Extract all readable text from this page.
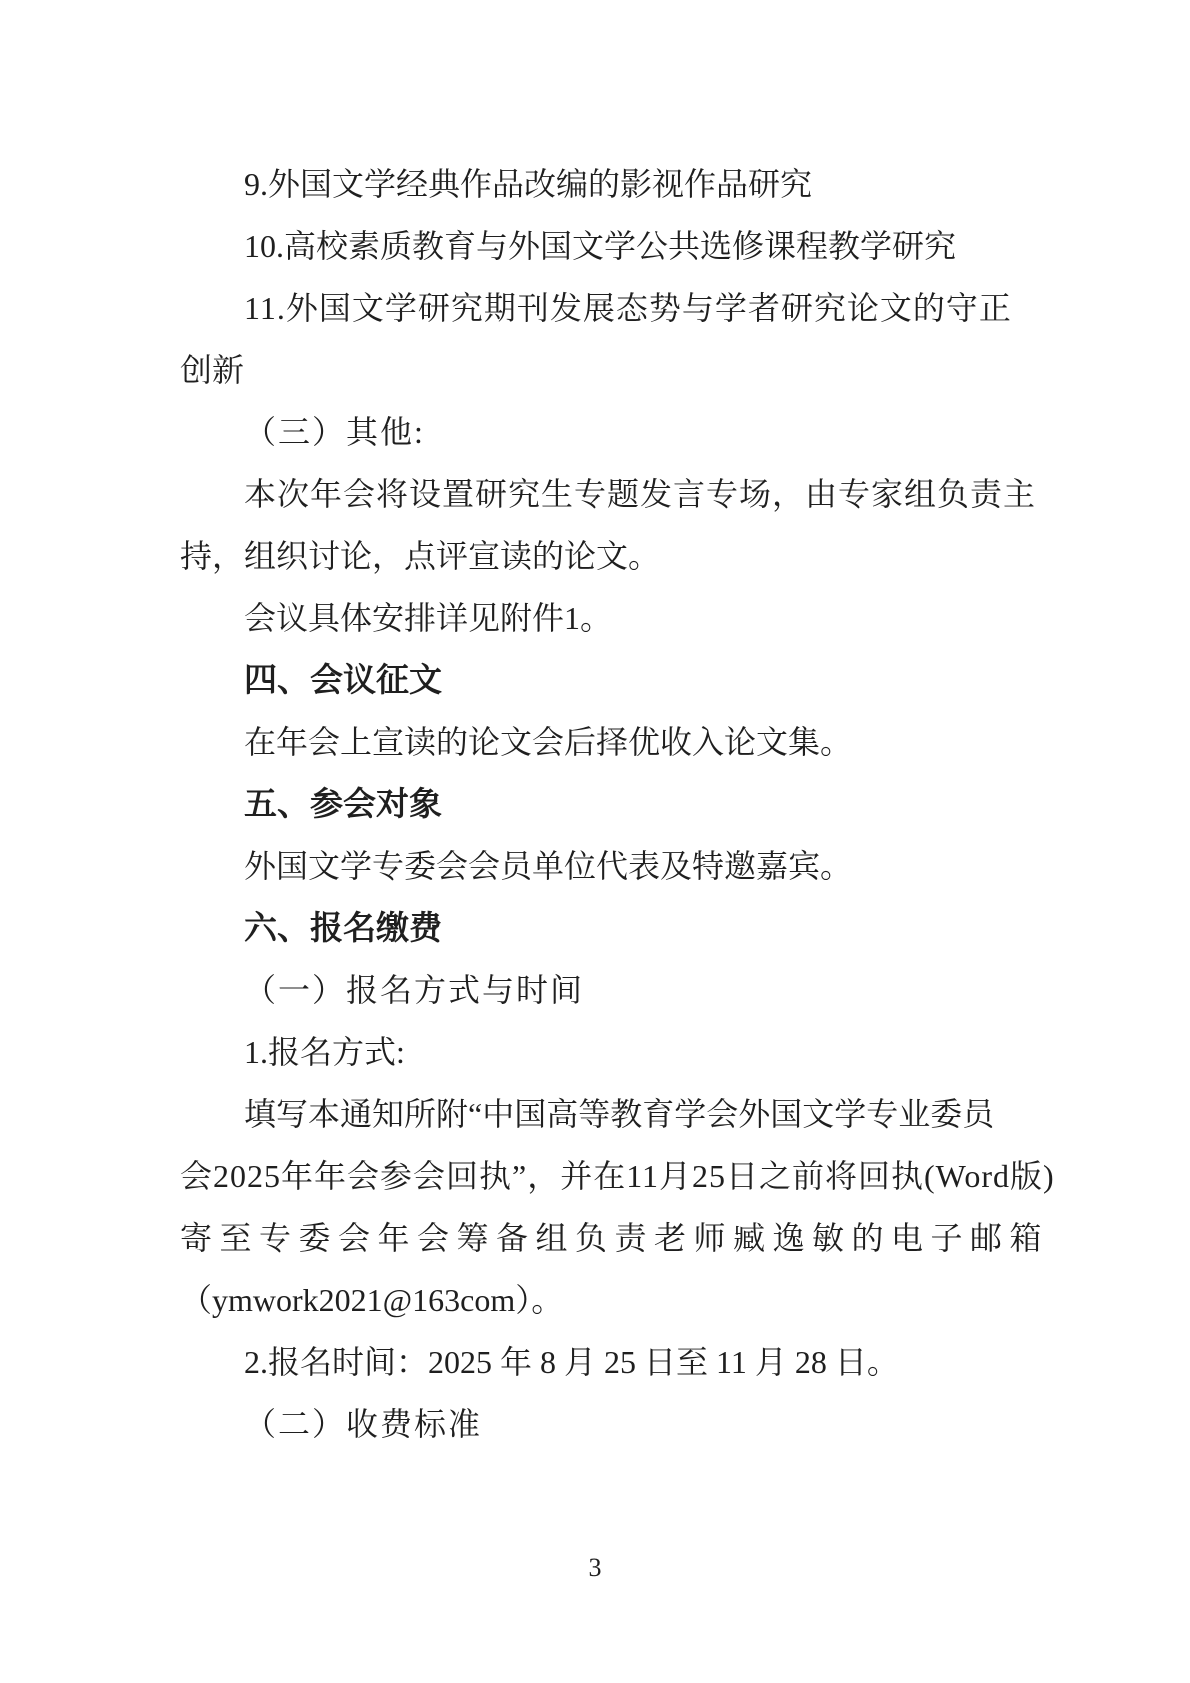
9.外国文学经典作品改编的影视作品研究
10.高校素质教育与外国文学公共选修课程教学研究
11.外国文学研究期刊发展态势与学者研究论文的守正
创新
（三）其他:
本次年会将设置研究生专题发言专场，由专家组负责主
持，组织讨论，点评宣读的论文。
会议具体安排详见附件1。
四、会议征文
在年会上宣读的论文会后择优收入论文集。
五、参会对象
外国文学专委会会员单位代表及特邀嘉宾。
六、报名缴费
（一）报名方式与时间
1.报名方式:
填写本通知所附“中国高等教育学会外国文学专业委员
会2025年年会参会回执”，并在11月25日之前将回执(Word版)
寄至专委会年会筹备组负责老师臧逸敏的电子邮箱
（ymwork2021@163com）。
2.报名时间：2025 年 8 月 25 日至 11 月 28 日。
（二）收费标准
3
